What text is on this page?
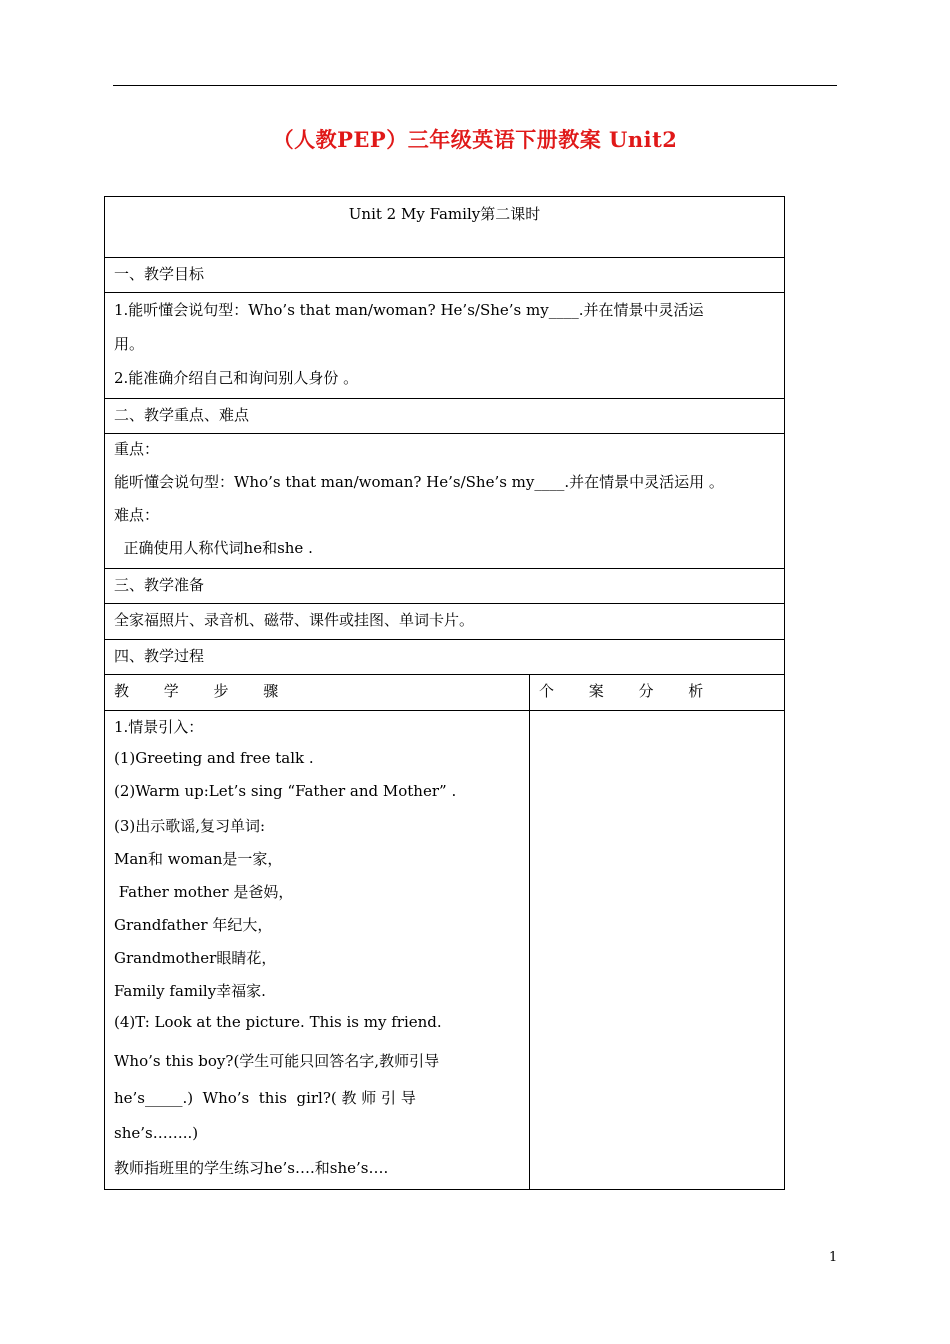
（人教PEP）三年级英语下册教案 Unit2
Unit 2 My Family第二课时
一、教学目标
1.能听懂会说句型：Who’s that man/woman? He’s/She’s my____.并在情景中灵活运
用。
2.能准确介绍自己和询问别人身份 。
二、教学重点、难点
重点：
能听懂会说句型：Who’s that man/woman? He’s/She’s my____.并在情景中灵活运用 。
难点：
正确使用人称代词he和she .
三、教学准备
全家福照片、录音机、磁带、课件或挂图、单词卡片。
四、教学过程
教 学 步 骤	个 案 分 析
1.情景引入：
(1)Greeting and free talk .
(2)Warm up:Let’s sing “Father and Mother” .
(3)出示歌谣,复习单词:
Man和 woman是一家，
Father mother 是爸妈，
Grandfather 年纪大，
Grandmother眼睛花，
Family family幸福家.
(4)T: Look at the picture. This is my friend.
Who’s this boy?(学生可能只回答名字,教师引导
he’s_____.)  Who’s  this  girl?( 教 师 引 导
she’s……..)
教师指班里的学生练习he’s….和she’s….
1
